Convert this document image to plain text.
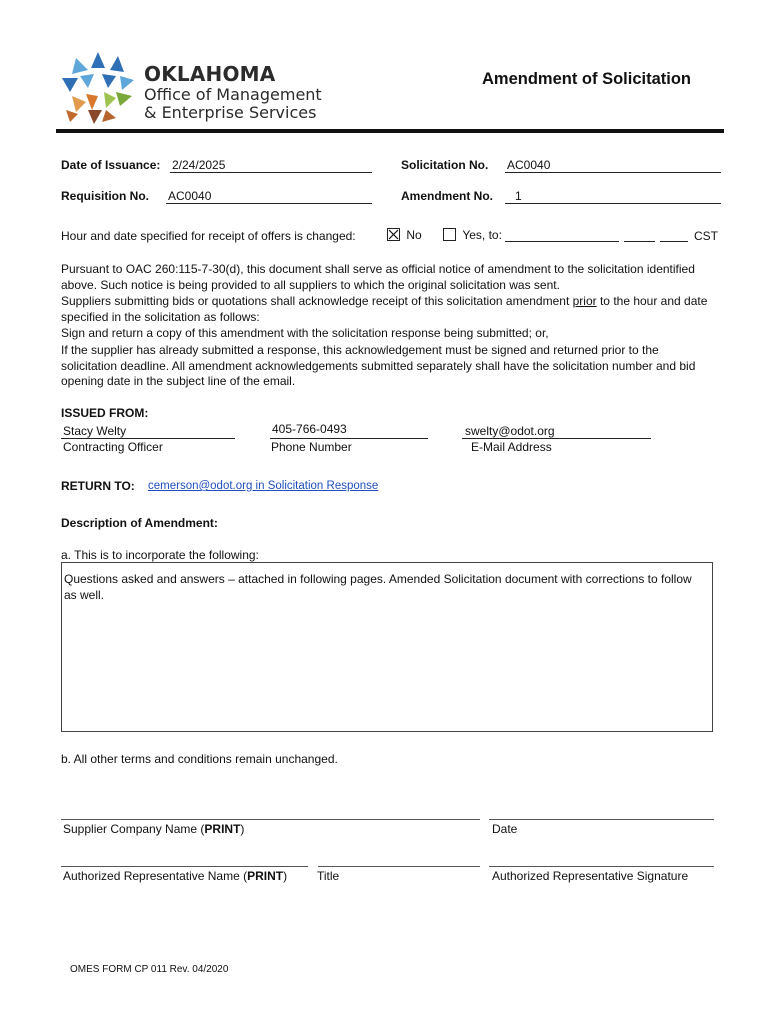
OKLAHOMA
Office of Management
& Enterprise Services
Amendment of Solicitation
Date of Issuance: 2/24/2025	Solicitation No. AC0040
Requisition No. AC0040	Amendment No. 1
Hour and date specified for receipt of offers is changed:	No	Yes, to:	CST
Pursuant to OAC 260:115-7-30(d), this document shall serve as official notice of amendment to the solicitation identified above. Such notice is being provided to all suppliers to which the original solicitation was sent.
Suppliers submitting bids or quotations shall acknowledge receipt of this solicitation amendment prior to the hour and date specified in the solicitation as follows:
Sign and return a copy of this amendment with the solicitation response being submitted; or,
If the supplier has already submitted a response, this acknowledgement must be signed and returned prior to the solicitation deadline. All amendment acknowledgements submitted separately shall have the solicitation number and bid opening date in the subject line of the email.
ISSUED FROM:
Stacy Welty
Contracting Officer
405-766-0493
Phone Number
swelty@odot.org
E-Mail Address
RETURN TO: cemerson@odot.org in Solicitation Response
Description of Amendment:
a. This is to incorporate the following:
Questions asked and answers – attached in following pages. Amended Solicitation document with corrections to follow as well.
b. All other terms and conditions remain unchanged.
Supplier Company Name (PRINT)	Date
Authorized Representative Name (PRINT) Title	Authorized Representative Signature
OMES FORM CP 011 Rev. 04/2020
